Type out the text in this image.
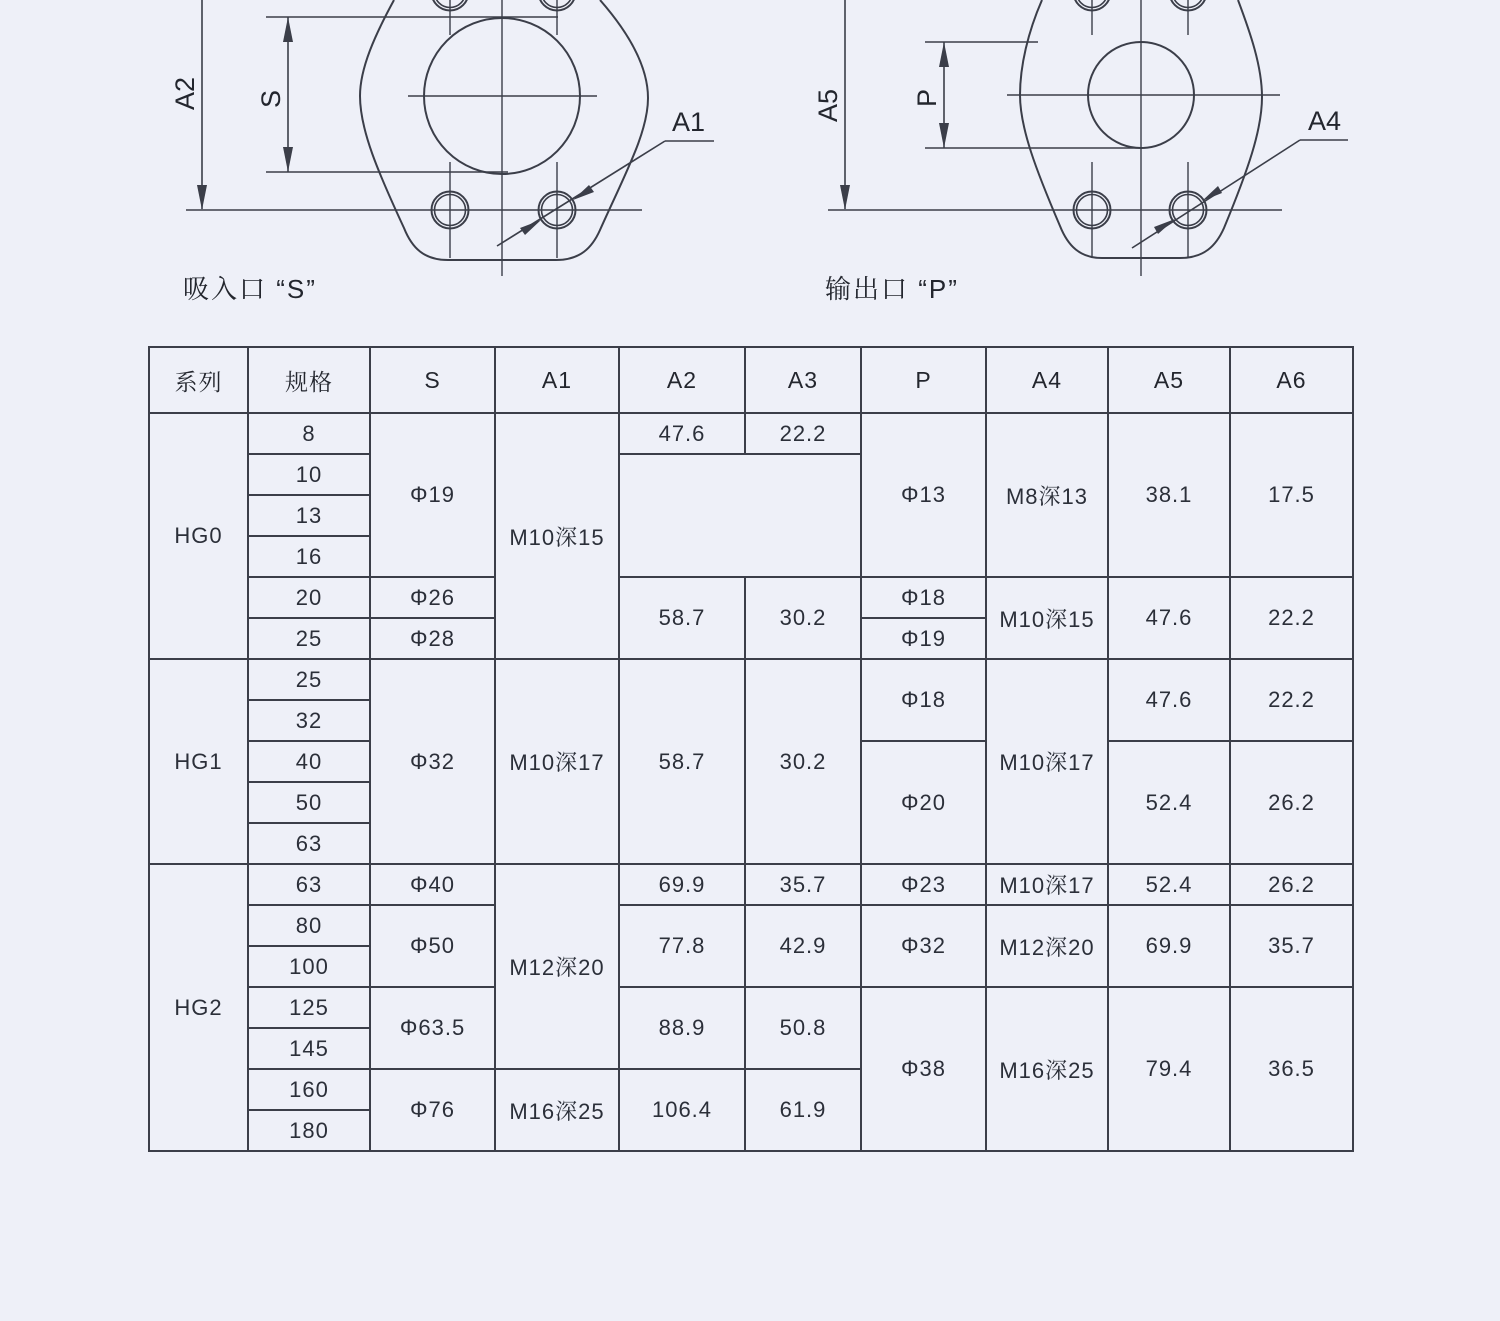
A2 S
A1	A5	P
A4
吸入口 “S”	输出口 “P”
系列	规格	S	A1	A2	A3	P	A4	A5	A6
HG0	8	Φ19	M10深15	47.6	22.2	Φ13	M8深13	38.1	17.5
	10								
	13								
	16								
	20	Φ26		58.7	30.2	Φ18	M10深15	47.6	22.2
	25	Φ28				Φ19			
HG1	25	Φ32	M10深17	58.7	30.2	Φ18	M10深17	47.6	22.2
	32								
	40					Φ20		52.4	26.2
	50								
	63								
HG2	63	Φ40	M12深20	69.9	35.7	Φ23	M10深17	52.4	26.2
	80	Φ50		77.8	42.9	Φ32	M12深20	69.9	35.7
	100								
	125	Φ63.5		88.9	50.8	Φ38	M16深25	79.4	36.5
	145								
	160	Φ76	M16深25	106.4	61.9				
	180								
